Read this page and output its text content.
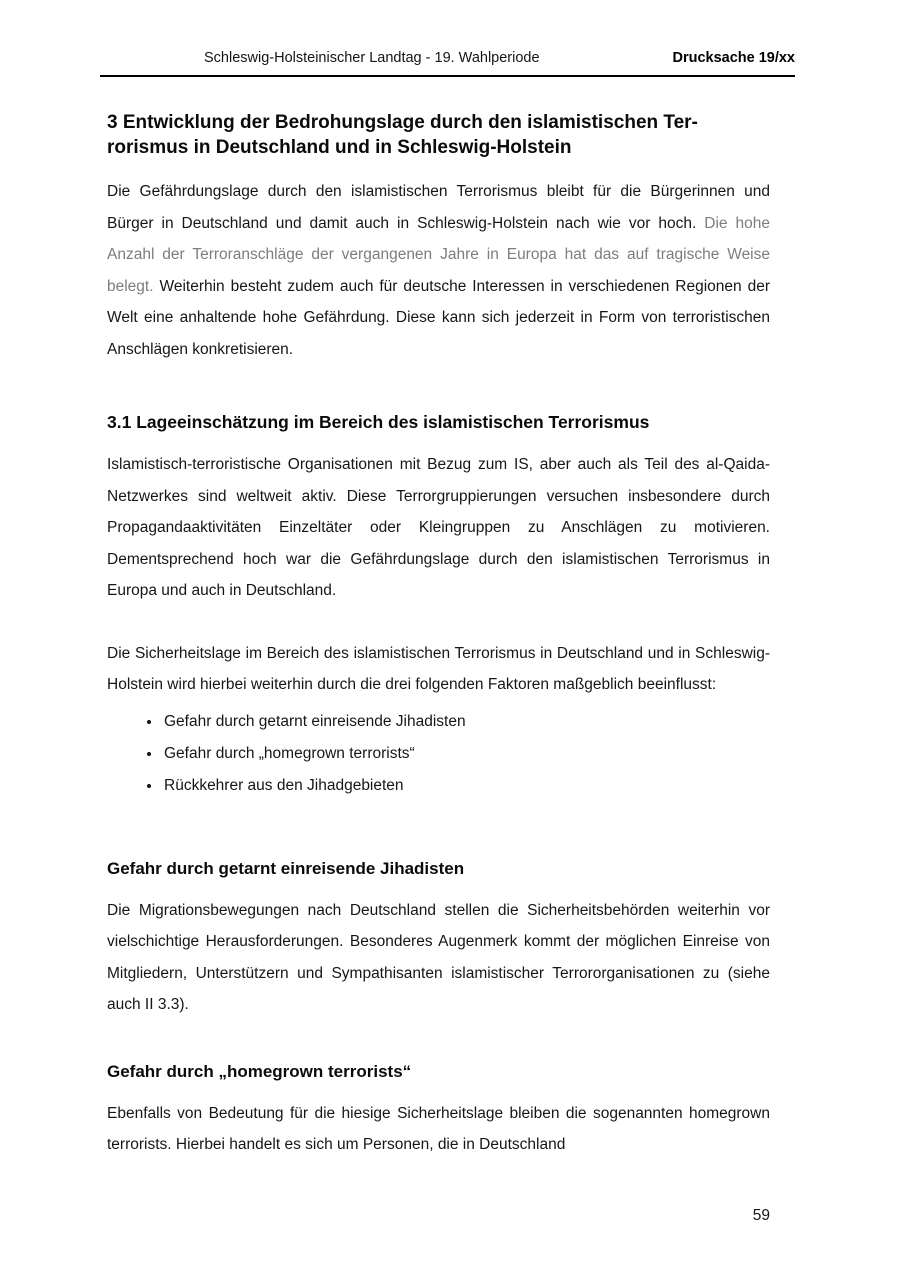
Schleswig-Holsteinischer Landtag - 19. Wahlperiode	Drucksache 19/xx
3 Entwicklung der Bedrohungslage durch den islamistischen Ter-
rorismus in Deutschland und in Schleswig-Holstein

Die Gefährdungslage durch den islamistischen Terrorismus bleibt für die Bürgerinnen und Bürger in Deutschland und damit auch in Schleswig-Holstein nach wie vor hoch. Die hohe Anzahl der Terroranschläge der vergangenen Jahre in Europa hat das auf tragische Weise belegt. Weiterhin besteht zudem auch für deutsche Interessen in verschiedenen Regionen der Welt eine anhaltende hohe Gefährdung. Diese kann sich jederzeit in Form von terroristischen Anschlägen konkretisieren.

3.1 Lageeinschätzung im Bereich des islamistischen Terrorismus

Islamistisch-terroristische Organisationen mit Bezug zum IS, aber auch als Teil des al-Qaida-Netzwerkes sind weltweit aktiv. Diese Terrorgruppierungen versuchen insbesondere durch Propagandaaktivitäten Einzeltäter oder Kleingruppen zu Anschlägen zu motivieren. Dementsprechend hoch war die Gefährdungslage durch den islamistischen Terrorismus in Europa und auch in Deutschland.

Die Sicherheitslage im Bereich des islamistischen Terrorismus in Deutschland und in Schleswig-Holstein wird hierbei weiterhin durch die drei folgenden Faktoren maßgeblich beeinflusst:

• Gefahr durch getarnt einreisende Jihadisten
• Gefahr durch „homegrown terrorists“
• Rückkehrer aus den Jihadgebieten
Gefahr durch getarnt einreisende Jihadisten

Die Migrationsbewegungen nach Deutschland stellen die Sicherheitsbehörden weiterhin vor vielschichtige Herausforderungen. Besonderes Augenmerk kommt der möglichen Einreise von Mitgliedern, Unterstützern und Sympathisanten islamistischer Terrororganisationen zu (siehe auch II 3.3).

Gefahr durch „homegrown terrorists“

Ebenfalls von Bedeutung für die hiesige Sicherheitslage bleiben die sogenannten homegrown terrorists. Hierbei handelt es sich um Personen, die in Deutschland

59
